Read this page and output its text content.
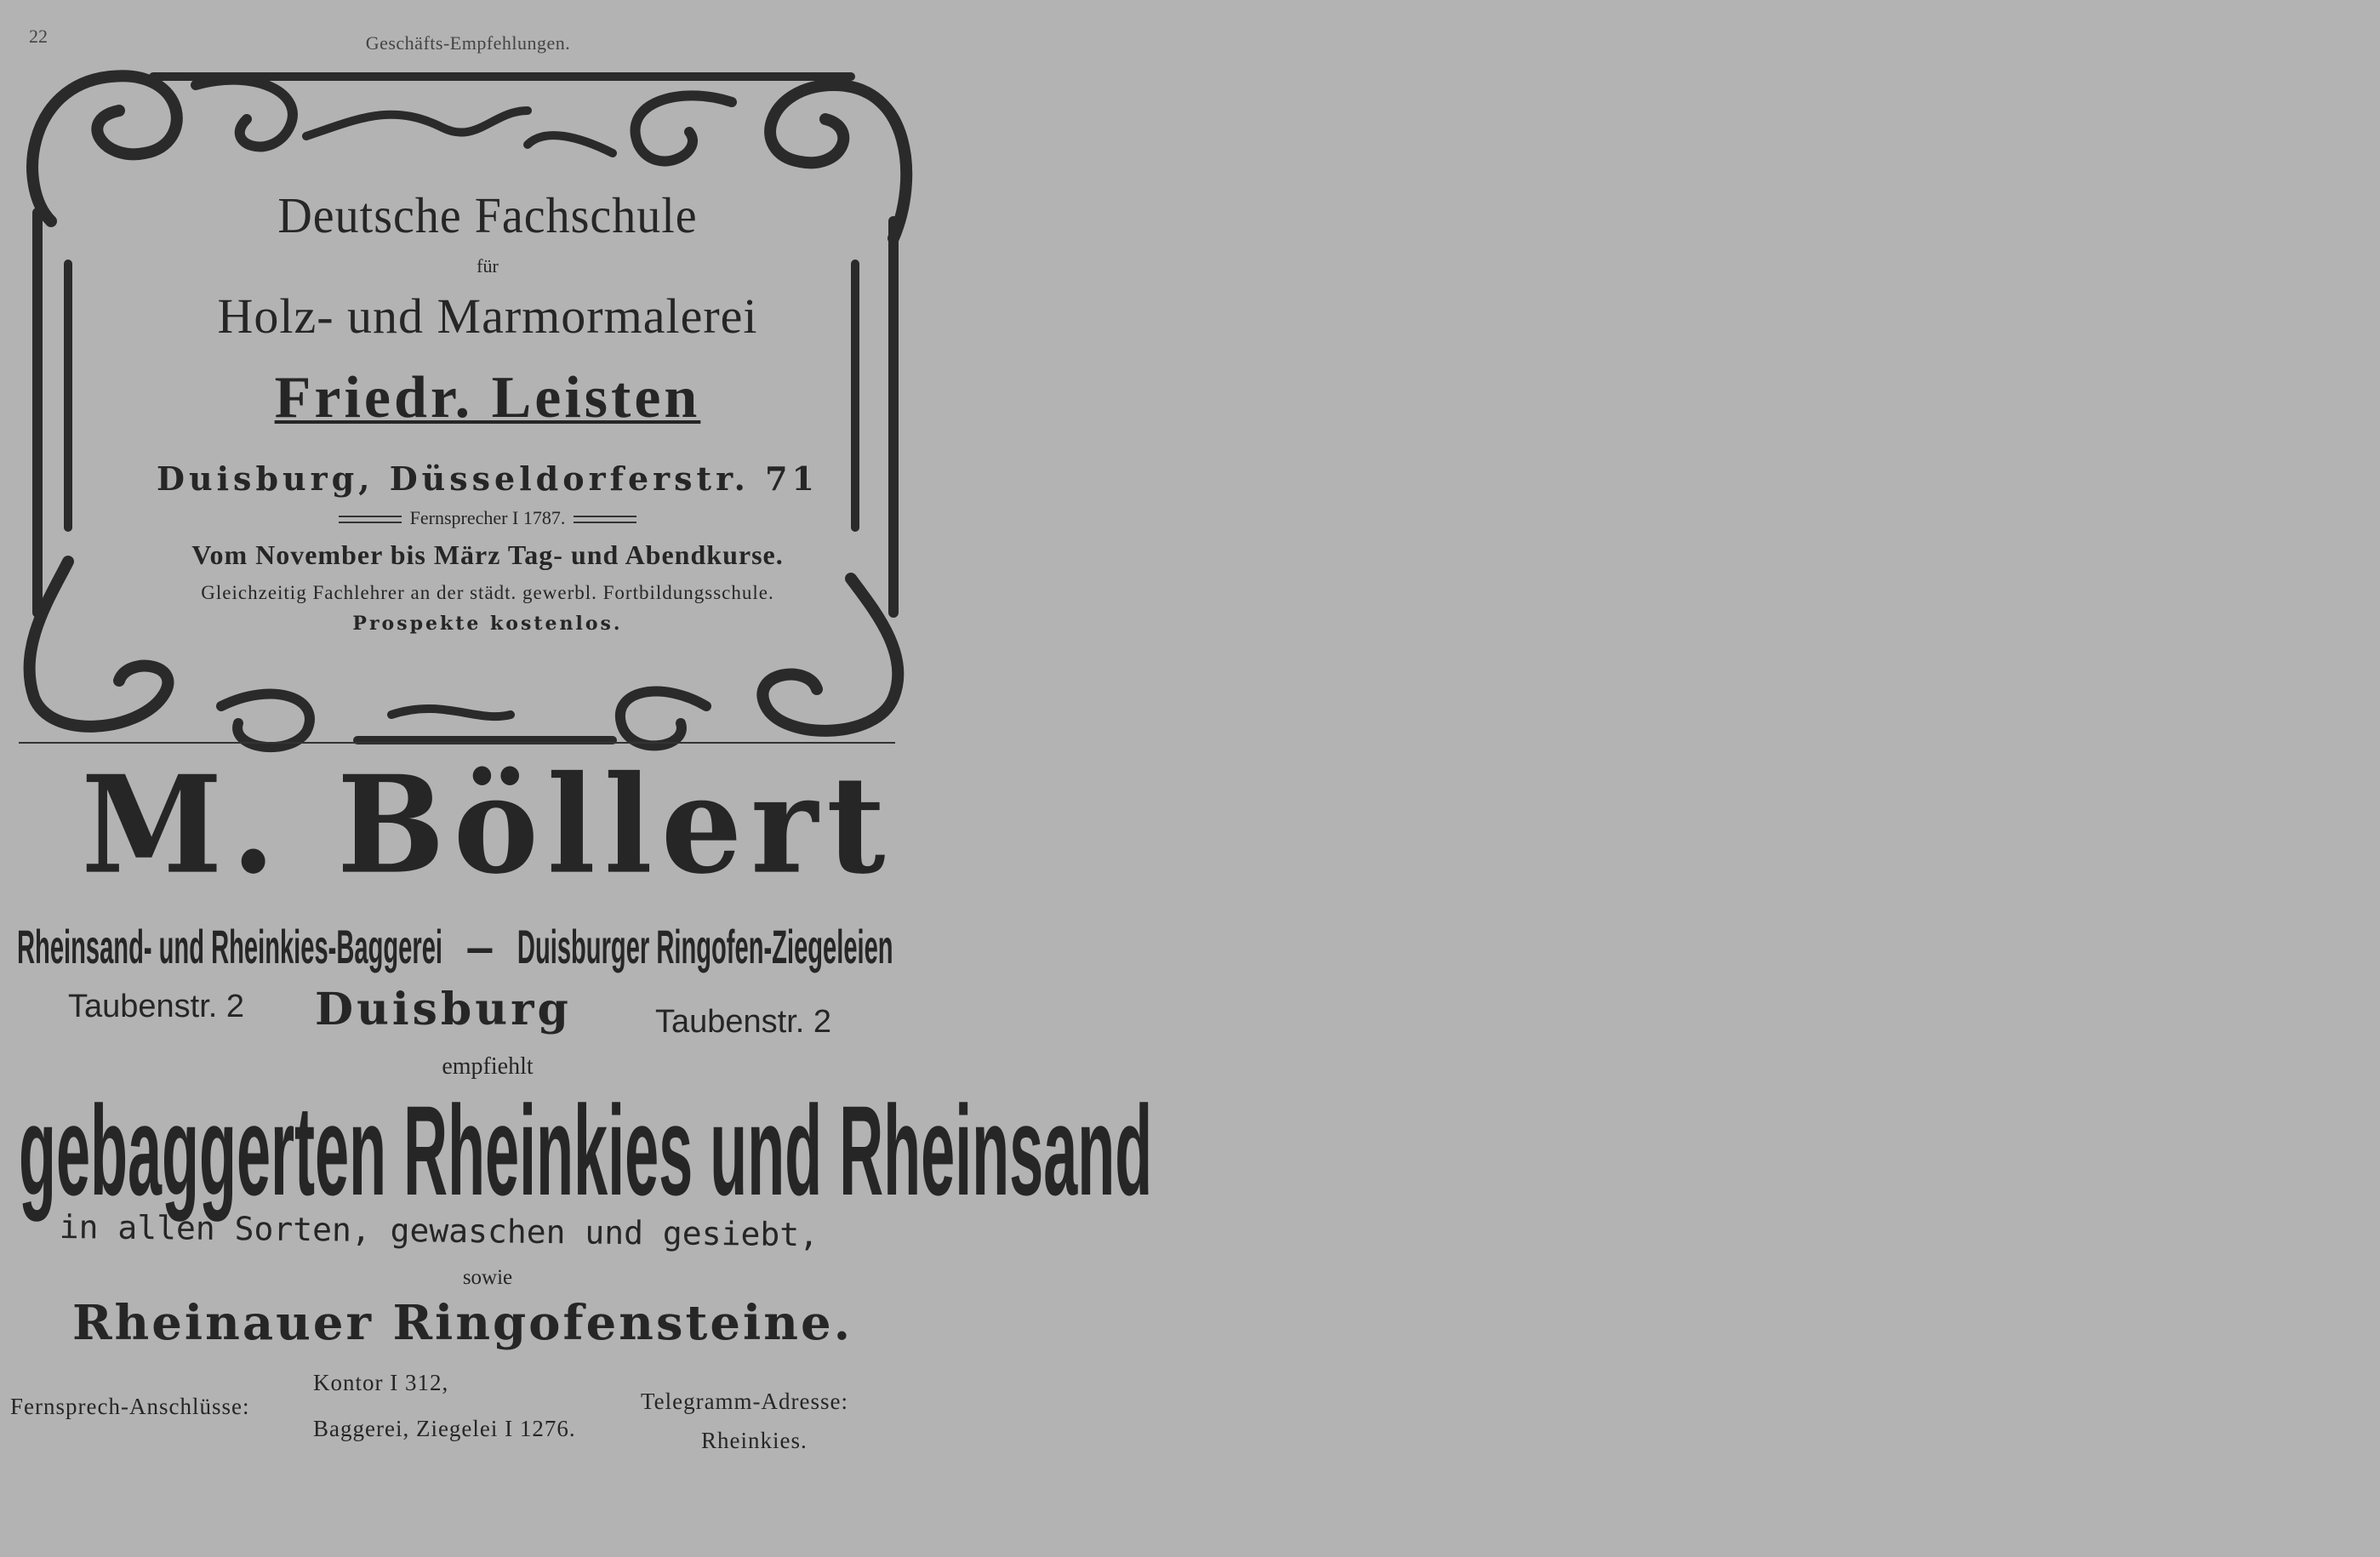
22	Geschäfts-Empfehlungen.
Deutsche Fachschule
für
Holz- und Marmormalerei
Friedr. Leisten
Duisburg, Düsseldorferstr. 71
Fernsprecher I 1787.
Vom November bis März Tag- und Abendkurse.
Gleichzeitig Fachlehrer an der städt. gewerbl. Fortbildungsschule.
Prospekte kostenlos.
M. Böllert
Rheinsand- und Rheinkies-Baggerei — Duisburger Ringofen-Ziegeleien
Taubenstr. 2 Duisburg	Taubenstr. 2
empfiehlt
gebaggerten Rheinkies und Rheinsand
in allen Sorten, gewaschen und gesiebt,
sowie
Rheinauer Ringofensteine.
Fernsprech-Anschlüsse:
Kontor I 312,
Baggerei, Ziegelei I 1276.
Telegramm-Adresse:
Rheinkies.
